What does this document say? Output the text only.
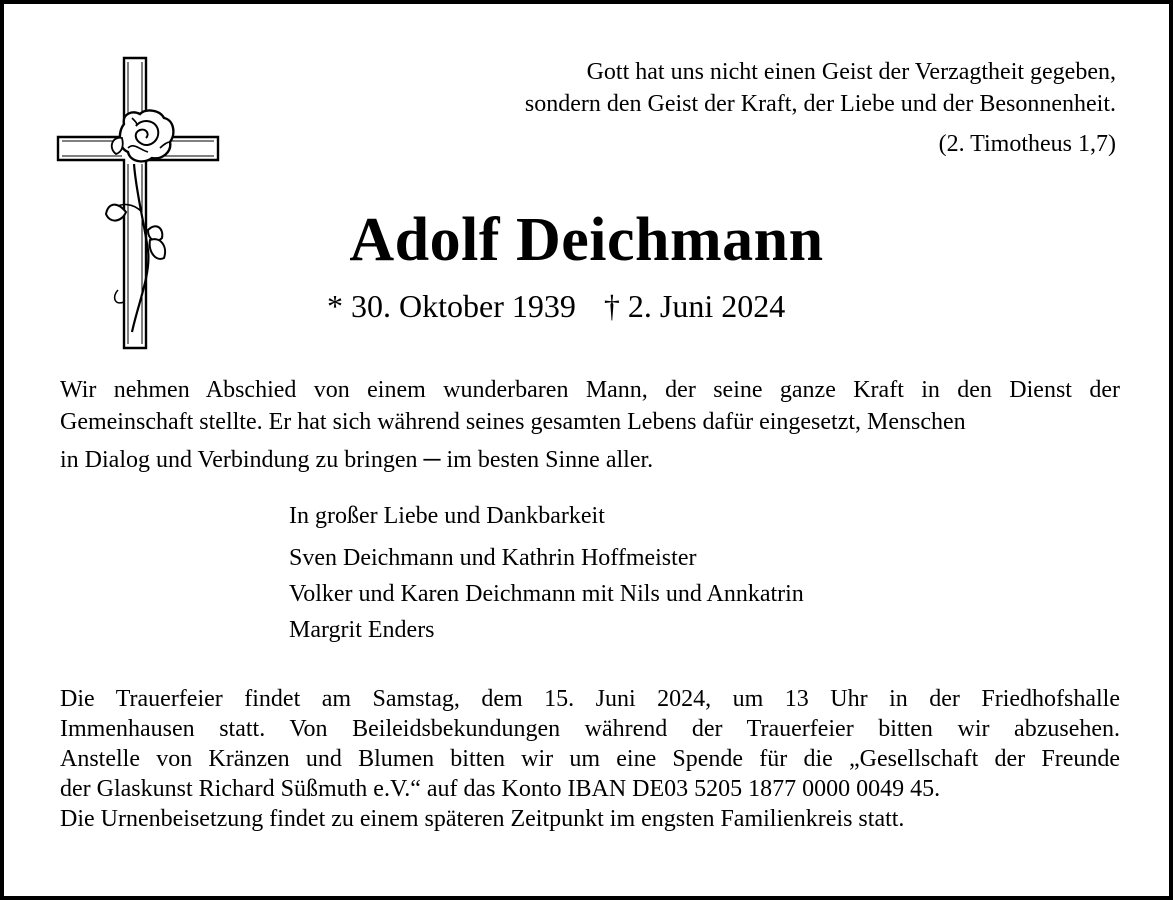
Gott hat uns nicht einen Geist der Verzagtheit gegeben,
sondern den Geist der Kraft, der Liebe und der Besonnenheit.
(2. Timotheus 1,7)
Adolf Deichmann
* 30. Oktober 1939 † 2. Juni 2024
Wir nehmen Abschied von einem wunderbaren Mann, der seine ganze Kraft in den Dienst der
Gemeinschaft stellte. Er hat sich während seines gesamten Lebens dafür eingesetzt, Menschen
in Dialog und Verbindung zu bringen ─ im besten Sinne aller.
In großer Liebe und Dankbarkeit
Sven Deichmann und Kathrin Hoffmeister
Volker und Karen Deichmann mit Nils und Annkatrin
Margrit Enders
Die Trauerfeier findet am Samstag, dem 15. Juni 2024, um 13 Uhr in der Friedhofshalle
Immenhausen statt. Von Beileidsbekundungen während der Trauerfeier bitten wir abzusehen.
Anstelle von Kränzen und Blumen bitten wir um eine Spende für die „Gesellschaft der Freunde
der Glaskunst Richard Süßmuth e.V.“ auf das Konto IBAN DE03 5205 1877 0000 0049 45.
Die Urnenbeisetzung findet zu einem späteren Zeitpunkt im engsten Familienkreis statt.
